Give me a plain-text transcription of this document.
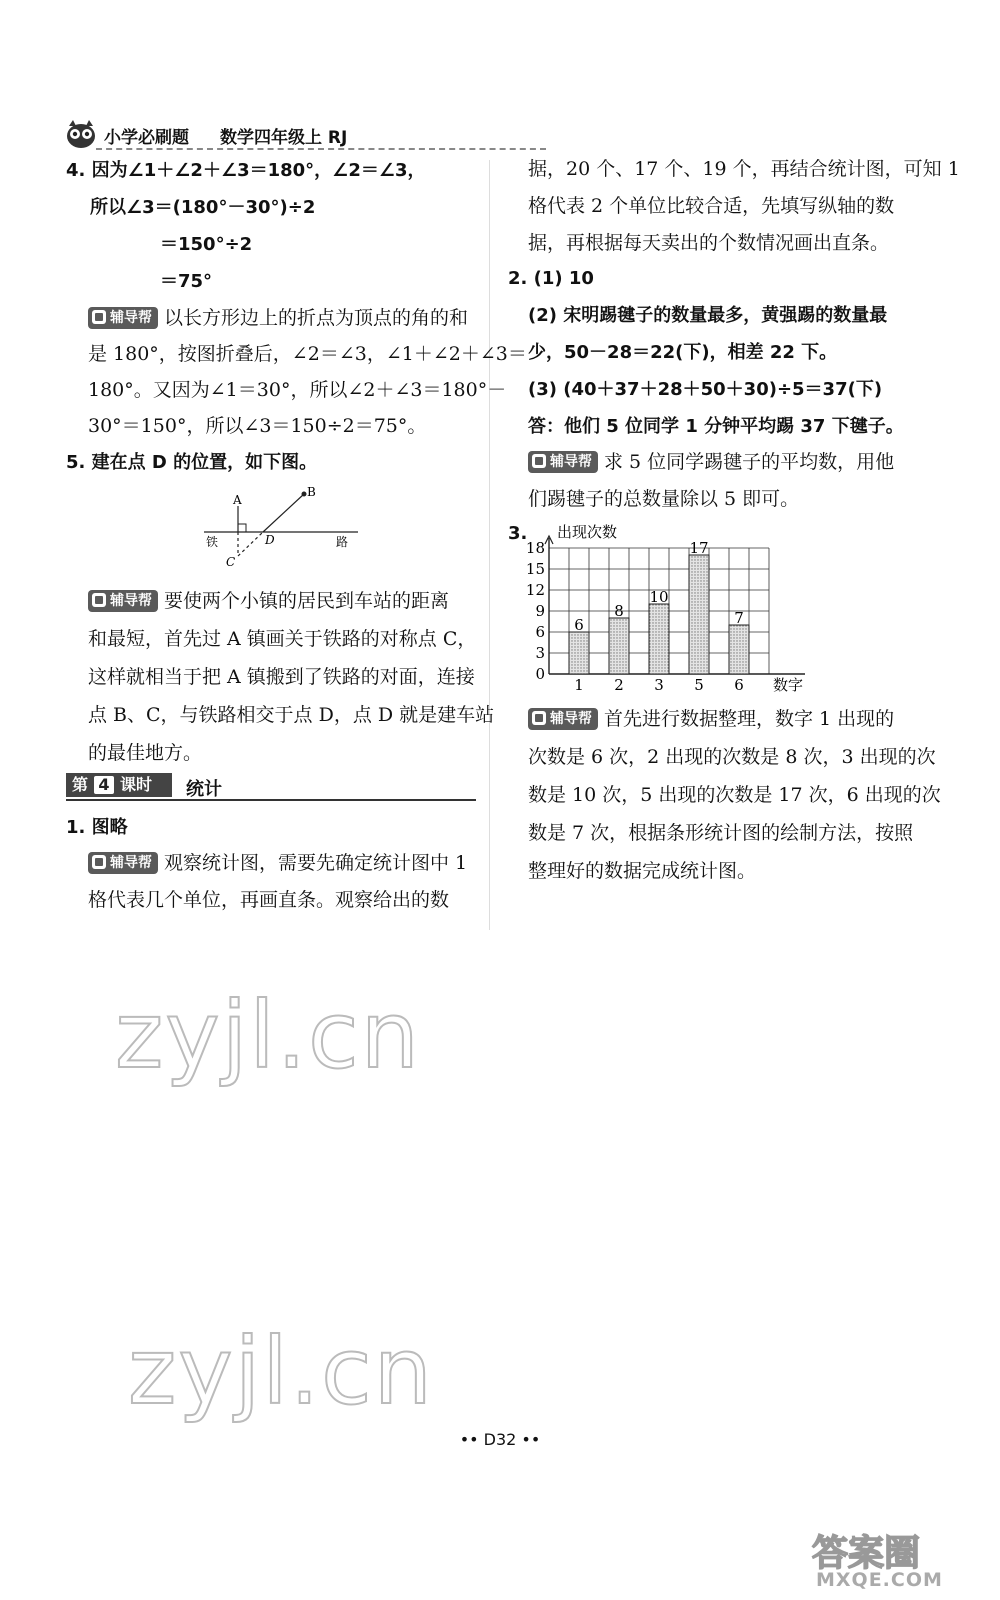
小学必刷题 数学四年级上 RJ
4. 因为∠1＋∠2＋∠3＝180°，∠2＝∠3，
所以∠3＝(180°－30°)÷2
＝150°÷2
＝75°
辅导帮 以长方形边上的折点为顶点的角的和
是 180°，按图折叠后，∠2＝∠3，∠1＋∠2＋∠3＝
180°。又因为∠1＝30°，所以∠2＋∠3＝180°－
30°＝150°，所以∠3＝150÷2＝75°。
5. 建在点 D 的位置，如下图。
A
B
C
D
铁	路
辅导帮 要使两个小镇的居民到车站的距离
和最短，首先过 A 镇画关于铁路的对称点 C，
这样就相当于把 A 镇搬到了铁路的对面，连接
点 B、C，与铁路相交于点 D，点 D 就是建车站
的最佳地方。
第 4 课时 统计
1. 图略
辅导帮 观察统计图，需要先确定统计图中 1
格代表几个单位，再画直条。观察给出的数
据，20 个、17 个、19 个，再结合统计图，可知 1
格代表 2 个单位比较合适，先填写纵轴的数
据，再根据每天卖出的个数情况画出直条。
2. (1) 10
(2) 宋明踢毽子的数量最多，黄强踢的数量最
少，50－28＝22(下)，相差 22 下。
(3) (40＋37＋28＋50＋30)÷5＝37(下)
答：他们 5 位同学 1 分钟平均踢 37 下毽子。
辅导帮 求 5 位同学踢毽子的平均数，用他
们踢毽子的总数量除以 5 即可。
3.
0
3
6
9
12
15
18
出现次数
数字
6
1
8
2
10
3
17
5
7
6
辅导帮 首先进行数据整理，数字 1 出现的
次数是 6 次，2 出现的次数是 8 次，3 出现的次
数是 10 次，5 出现的次数是 17 次，6 出现的次
数是 7 次，根据条形统计图的绘制方法，按照
整理好的数据完成统计图。
zyjl.cn
zyjl.cn
•• D32 ••
答案圈
MXQE.COM
